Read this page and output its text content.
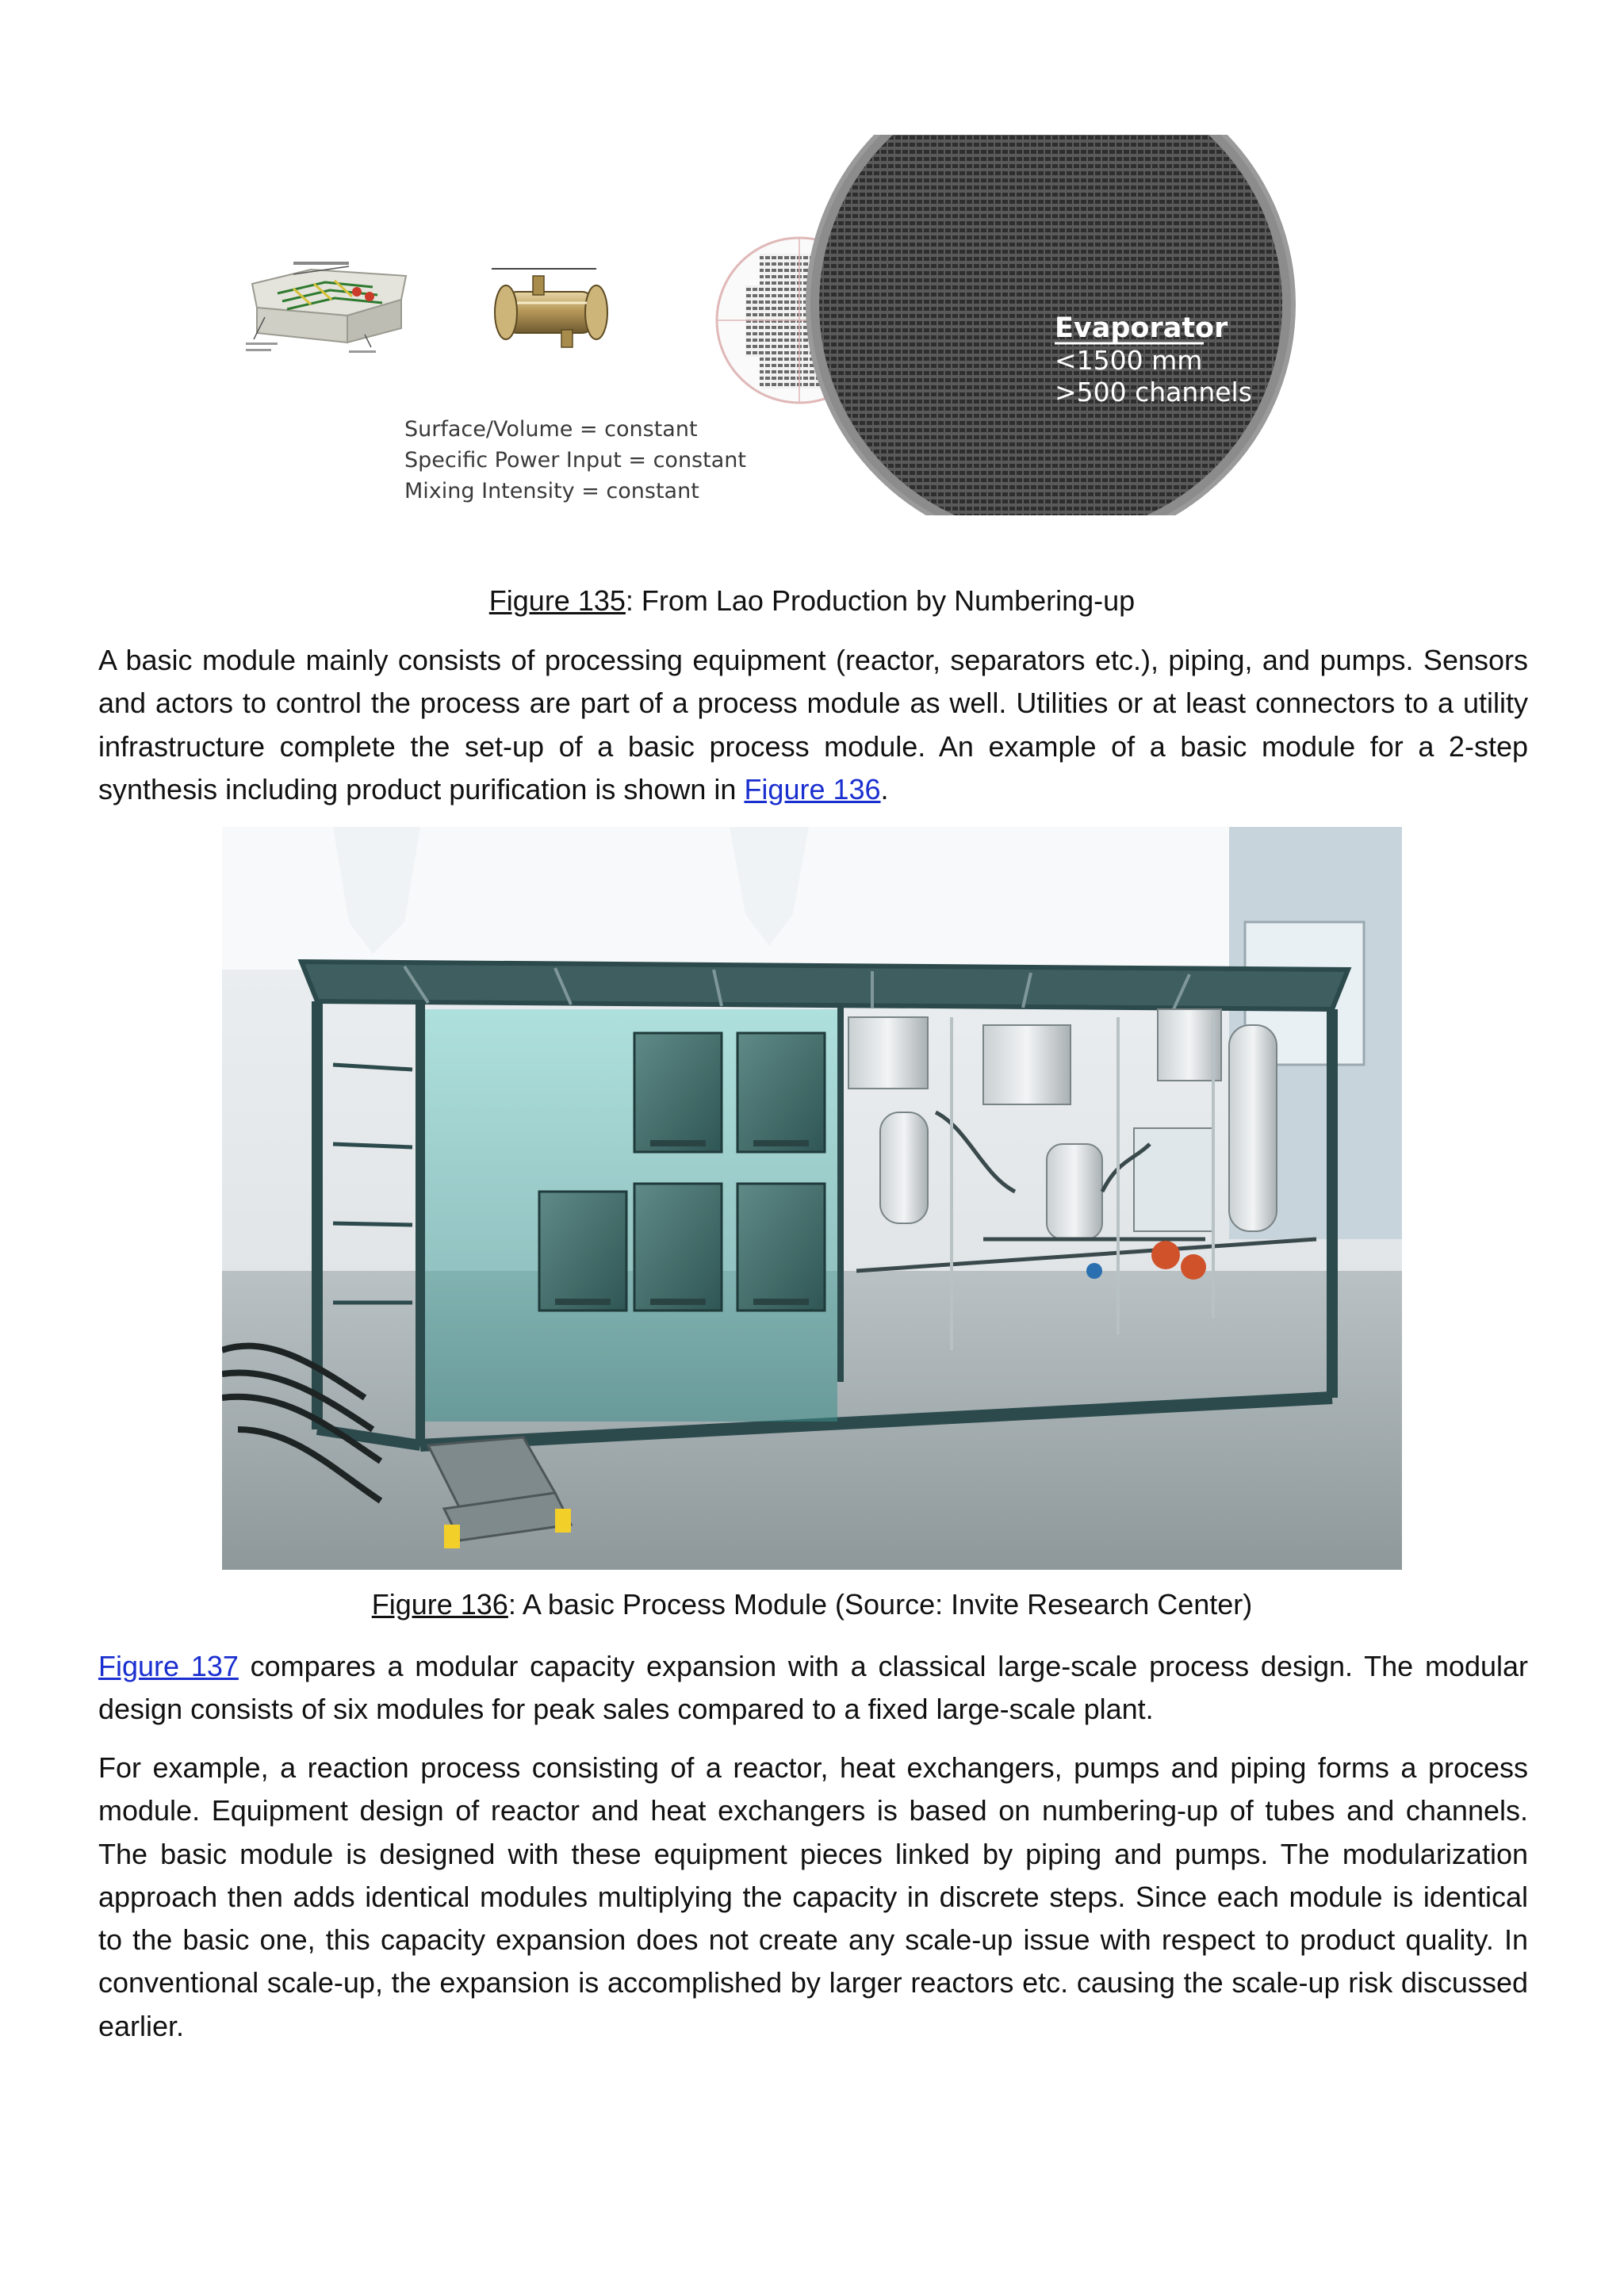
Evaporator
<1500 mm
>500 channels
Surface/Volume = constant
Specific Power Input = constant
Mixing Intensity = constant
Figure 135: From Lao Production by Numbering-up

A basic module mainly consists of processing equipment (reactor, separators etc.), piping, and pumps. Sensors and actors to control the process are part of a process module as well. Utilities or at least connectors to a utility infrastructure complete the set-up of a basic process module. An example of a basic module for a 2-step synthesis including product purification is shown in Figure 136.

Figure 136: A basic Process Module (Source: Invite Research Center)

Figure 137 compares a modular capacity expansion with a classical large-scale process design. The modular design consists of six modules for peak sales compared to a fixed large-scale plant.

For example, a reaction process consisting of a reactor, heat exchangers, pumps and piping forms a process module. Equipment design of reactor and heat exchangers is based on numbering-up of tubes and channels. The basic module is designed with these equipment pieces linked by piping and pumps. The modularization approach then adds identical modules multiplying the capacity in discrete steps. Since each module is identical to the basic one, this capacity expansion does not create any scale-up issue with respect to product quality. In conventional scale-up, the expansion is accomplished by larger reactors etc. causing the scale-up risk discussed earlier.
